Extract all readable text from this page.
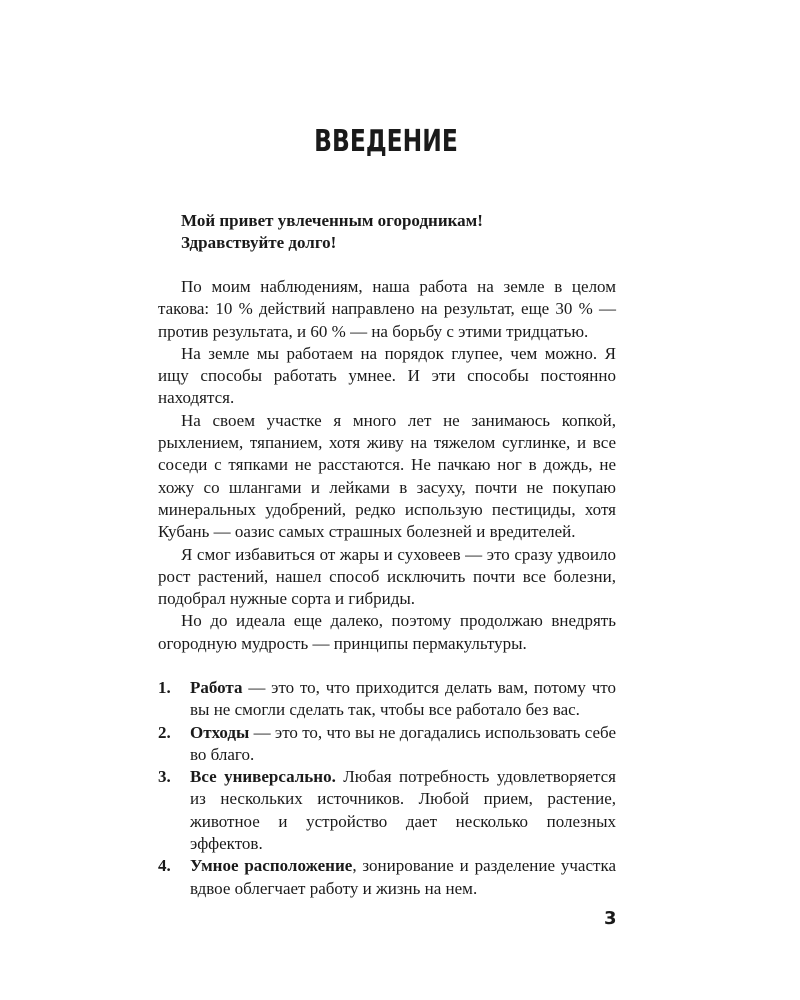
ВВЕДЕНИЕ
Мой привет увлеченным огородникам!
Здравствуйте долго!

По моим наблюдениям, наша работа на земле в целом такова: 10 % действий направлено на результат, еще 30 % — против результата, и 60 % — на борьбу с этими тридцатью.

На земле мы работаем на порядок глупее, чем можно. Я ищу способы работать умнее. И эти способы постоянно находятся.

На своем участке я много лет не занимаюсь копкой, рыхлением, тяпанием, хотя живу на тяжелом суглинке, и все соседи с тяпками не расстаются. Не пачкаю ног в дождь, не хожу со шлангами и лейками в засуху, почти не покупаю минеральных удобрений, редко использую пестициды, хотя Кубань — оазис самых страшных болезней и вредителей.

Я смог избавиться от жары и суховеев — это сразу удвоило рост растений, нашел способ исключить почти все болезни, подобрал нужные сорта и гибриды.

Но до идеала еще далеко, поэтому продолжаю внедрять огородную мудрость — принципы пермакультуры.

1. Работа — это то, что приходится делать вам, потому что вы не смогли сделать так, чтобы все работало без вас.
2. Отходы — это то, что вы не догадались использовать себе во благо.
3. Все универсально. Любая потребность удовлетворяется из нескольких источников. Любой прием, растение, животное и устройство дает несколько полезных эффектов.
4. Умное расположение, зонирование и разделение участка вдвое облегчает работу и жизнь на нем.
3
